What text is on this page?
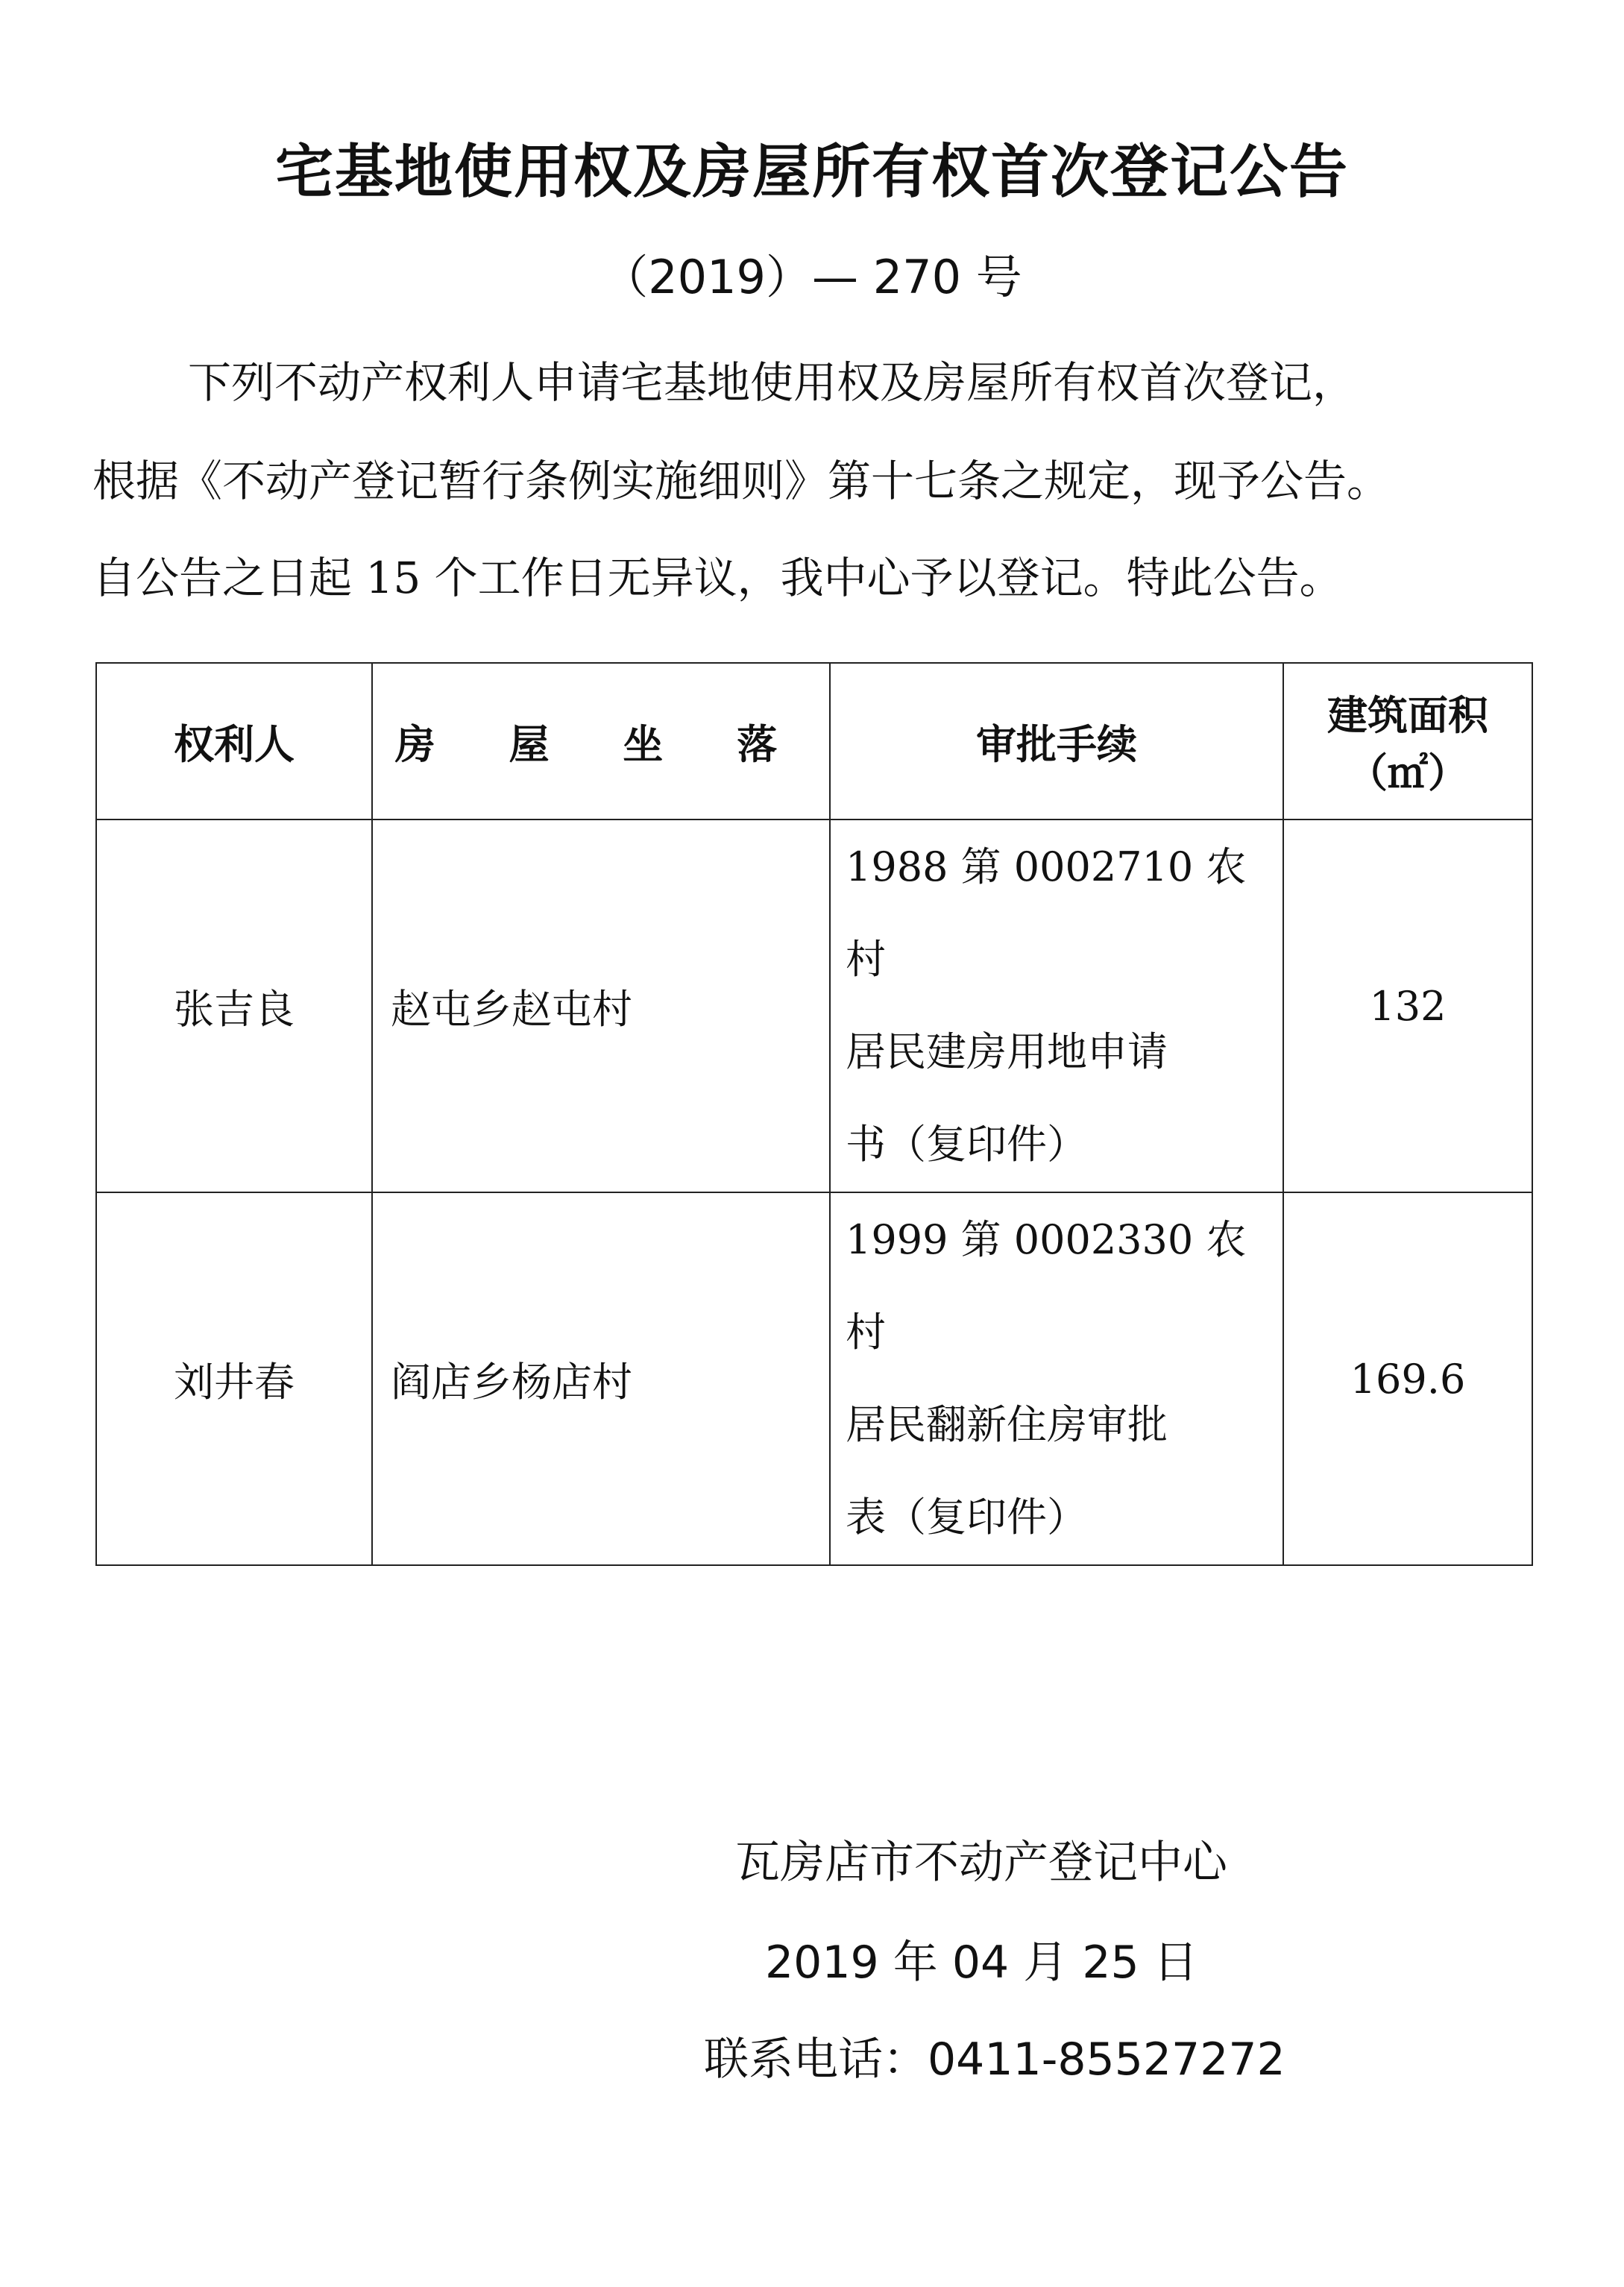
宅基地使用权及房屋所有权首次登记公告
（2019）— 270 号
下列不动产权利人申请宅基地使用权及房屋所有权首次登记，
根据《不动产登记暂行条例实施细则》第十七条之规定，现予公告。
自公告之日起 15 个工作日无异议，我中心予以登记。特此公告。
权利人	房 屋 坐 落	审批手续	建筑面积
（㎡）

张吉良	赵屯乡赵屯村	1988 第 0002710 农村
居民建房用地申请
书（复印件）	132
刘井春	阎店乡杨店村	1999 第 0002330 农村
居民翻新住房审批
表（复印件）	169.6
瓦房店市不动产登记中心
2019 年 04 月 25 日
联系电话：0411-85527272
